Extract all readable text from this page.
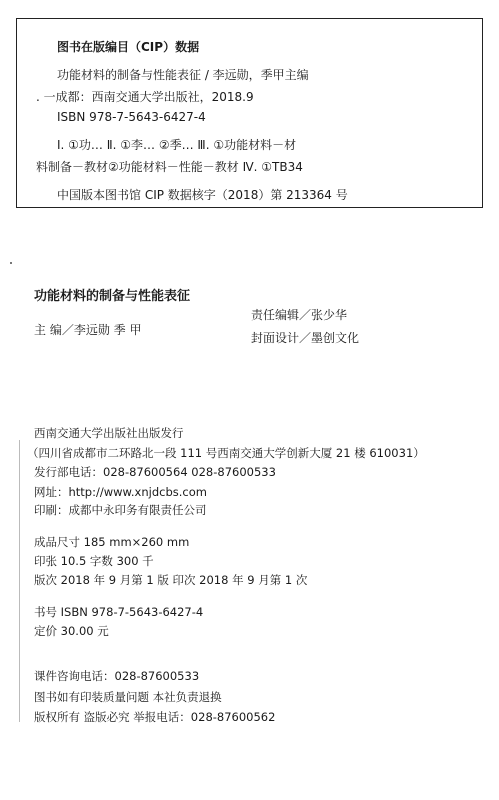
图书在版编目（CIP）数据
功能材料的制备与性能表征 / 李远勋，季甲主编
. 一成都：西南交通大学出版社，2018.9
ISBN 978-7-5643-6427-4
Ⅰ. ①功… Ⅱ. ①李… ②季… Ⅲ. ①功能材料－材
料制备－教材②功能材料－性能－教材 Ⅳ. ①TB34
中国版本图书馆 CIP 数据核字（2018）第 213364 号
功能材料的制备与性能表征
责任编辑／张少华
主 编／李远勋 季 甲
封面设计／墨创文化
西南交通大学出版社出版发行
（四川省成都市二环路北一段 111 号西南交通大学创新大厦 21 楼 610031）
发行部电话：028-87600564 028-87600533
网址：http://www.xnjdcbs.com
印刷：成都中永印务有限责任公司
成品尺寸 185 mm×260 mm
印张 10.5 字数 300 千
版次 2018 年 9 月第 1 版 印次 2018 年 9 月第 1 次
书号 ISBN 978-7-5643-6427-4
定价 30.00 元
课件咨询电话：028-87600533
图书如有印装质量问题 本社负责退换
版权所有 盗版必究 举报电话：028-87600562
